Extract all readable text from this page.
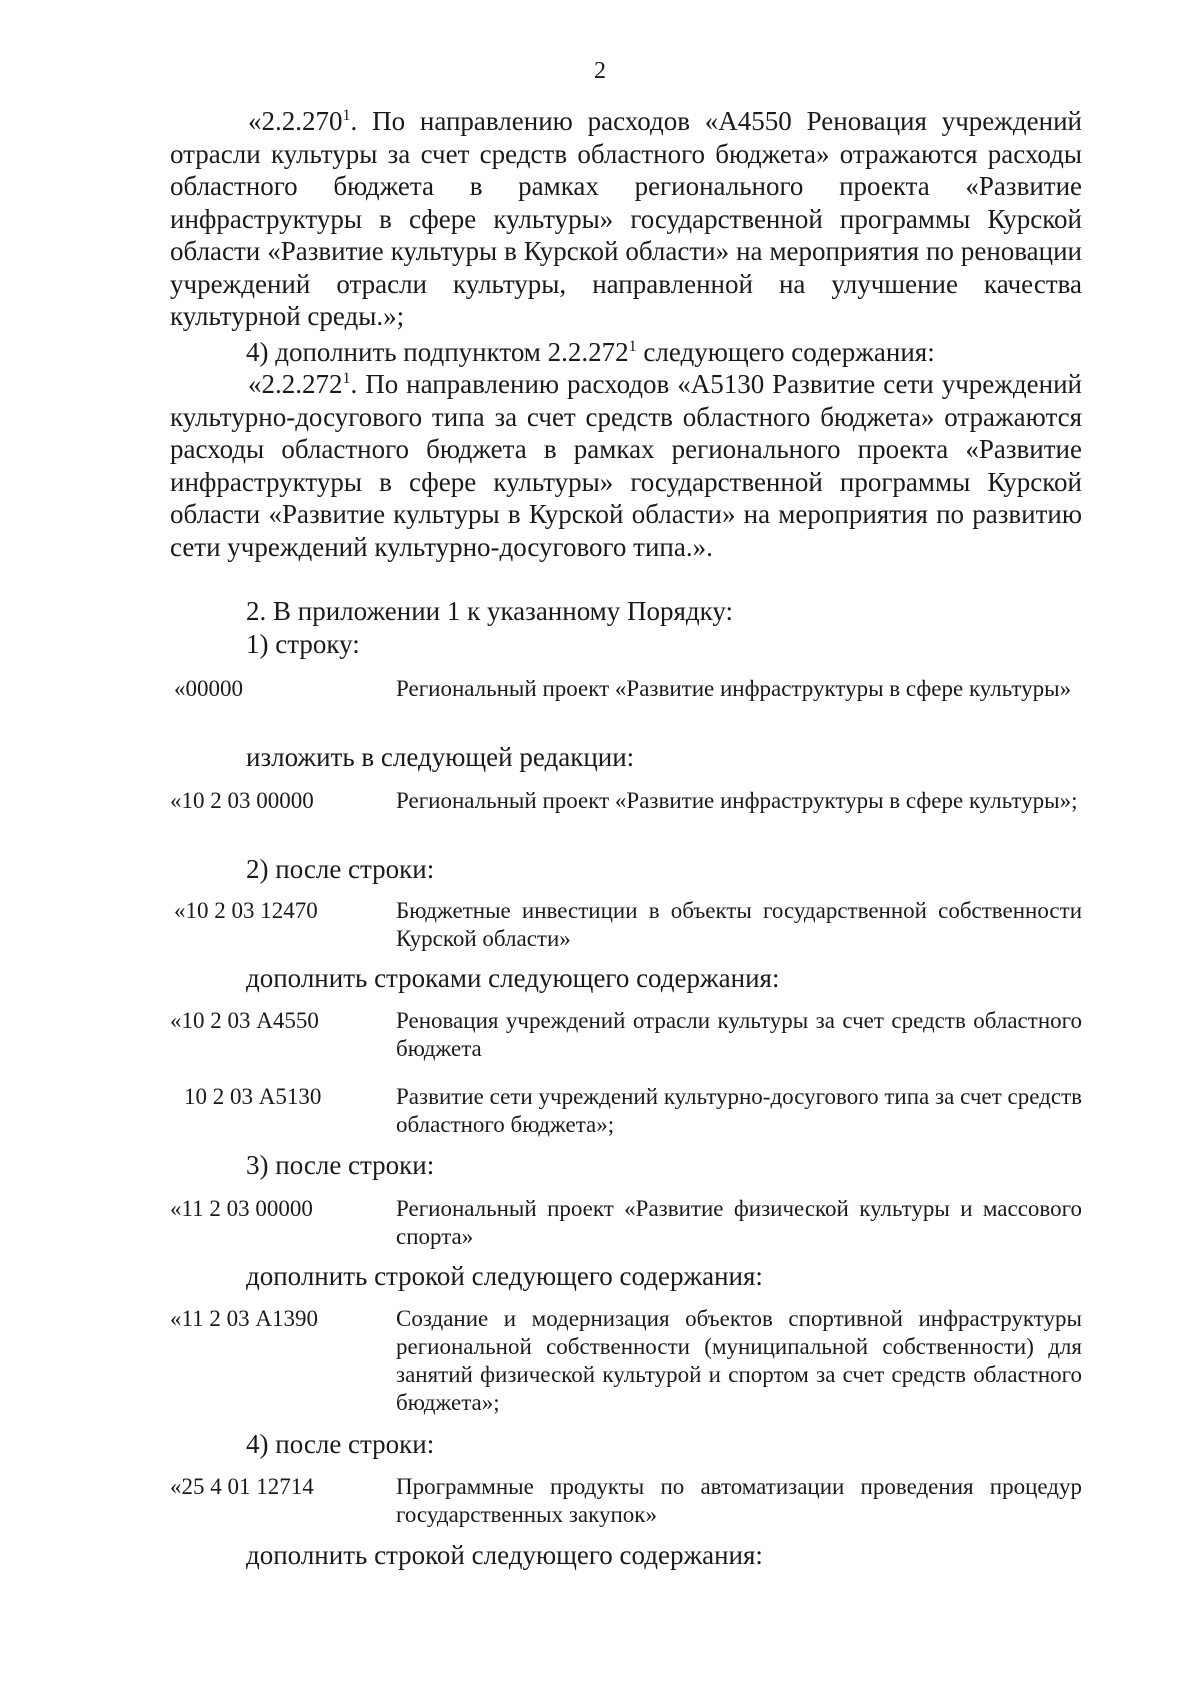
2
«2.2.270$^1$. По направлению расходов «А4550 Реновация учреждений отрасли культуры за счет средств областного бюджета» отражаются расходы областного бюджета в рамках регионального проекта «Развитие инфраструктуры в сфере культуры» государственной программы Курской области «Развитие культуры в Курской области» на мероприятия по реновации учреждений отрасли культуры, направленной на улучшение качества культурной среды.»;
4) дополнить подпунктом 2.2.272$^1$ следующего содержания:
«2.2.272$^1$. По направлению расходов «А5130 Развитие сети учреждений культурно-досугового типа за счет средств областного бюджета» отражаются расходы областного бюджета в рамках регионального проекта «Развитие инфраструктуры в сфере культуры» государственной программы Курской области «Развитие культуры в Курской области» на мероприятия по развитию сети учреждений культурно-досугового типа.».
2. В приложении 1 к указанному Порядку:
1) строку:
«00000	Региональный проект «Развитие инфраструктуры в сфере культуры»
изложить в следующей редакции:
«10 2 03 00000	Региональный проект «Развитие инфраструктуры в сфере культуры»;
2) после строки:
«10 2 03 12470	Бюджетные инвестиции в объекты государственной собственности Курской области»
дополнить строками следующего содержания:
«10 2 03 А4550	Реновация учреждений отрасли культуры за счет средств областного бюджета
10 2 03 А5130	Развитие сети учреждений культурно-досугового типа за счет средств областного бюджета»;
3) после строки:
«11 2 03 00000	Региональный проект «Развитие физической культуры и массового спорта»
дополнить строкой следующего содержания:
«11 2 03 А1390	Создание и модернизация объектов спортивной инфраструктуры региональной собственности (муниципальной собственности) для занятий физической культурой и спортом за счет средств областного бюджета»;
4) после строки:
«25 4 01 12714	Программные продукты по автоматизации проведения процедур государственных закупок»
дополнить строкой следующего содержания:
